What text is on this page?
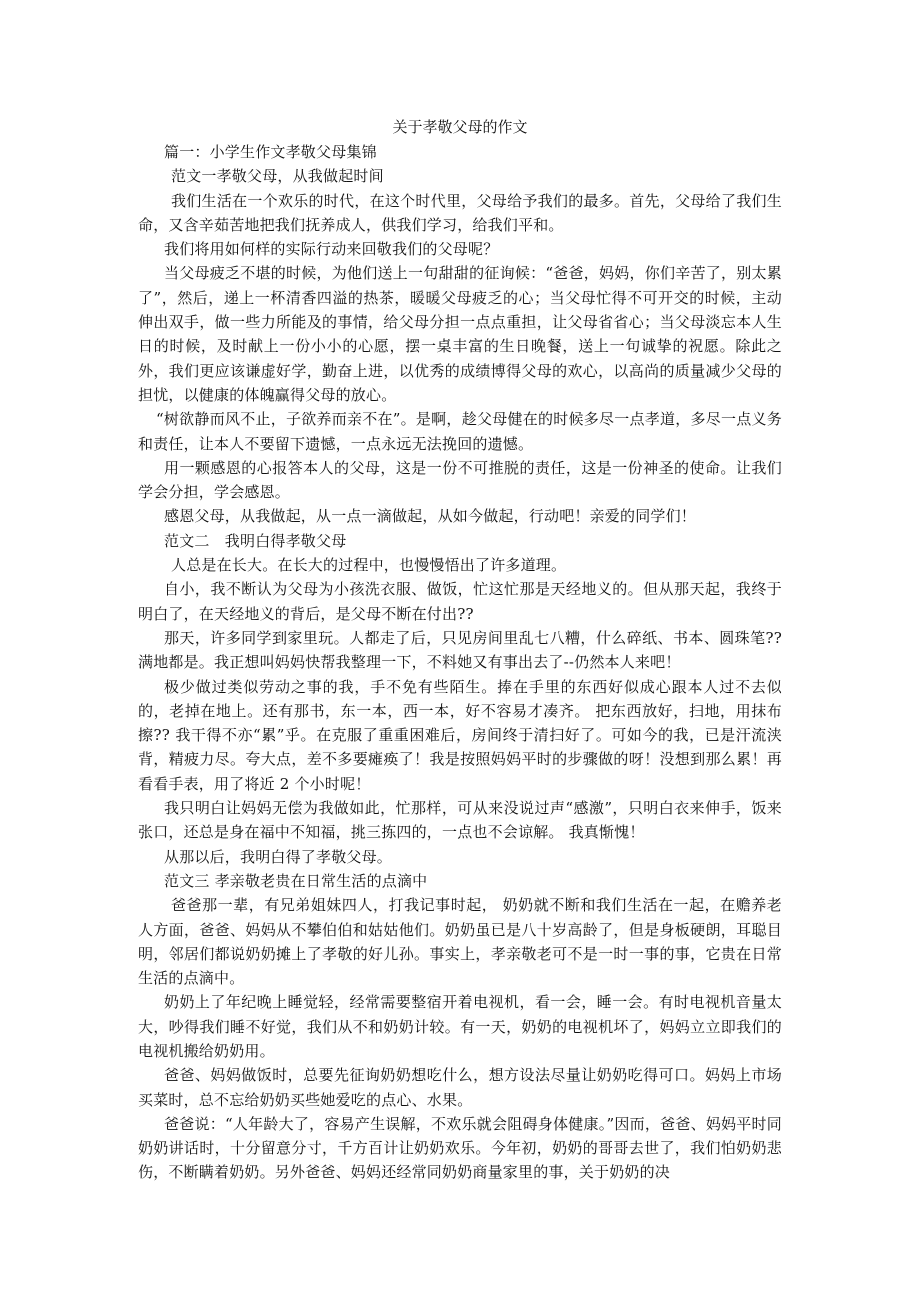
关于孝敬父母的作文

篇一：小学生作文孝敬父母集锦

范文一孝敬父母，从我做起时间

我们生活在一个欢乐的时代，在这个时代里，父母给予我们的最多。首先，父母给了我们生命，又含辛茹苦地把我们抚养成人，供我们学习，给我们平和。

我们将用如何样的实际行动来回敬我们的父母呢？

当父母疲乏不堪的时候，为他们送上一句甜甜的征询候：“爸爸，妈妈，你们辛苦了，别太累了”，然后，递上一杯清香四溢的热茶，暖暖父母疲乏的心；当父母忙得不可开交的时候，主动伸出双手，做一些力所能及的事情，给父母分担一点点重担，让父母省省心；当父母淡忘本人生日的时候，及时献上一份小小的心愿，摆一桌丰富的生日晚餐，送上一句诚挚的祝愿。除此之外，我们更应该谦虚好学，勤奋上进，以优秀的成绩博得父母的欢心，以高尚的质量减少父母的担忧，以健康的体魄赢得父母的放心。

“树欲静而风不止，子欲养而亲不在”。是啊，趁父母健在的时候多尽一点孝道，多尽一点义务和责任，让本人不要留下遗憾，一点永远无法挽回的遗憾。

用一颗感恩的心报答本人的父母，这是一份不可推脱的责任，这是一份神圣的使命。让我们学会分担，学会感恩。

感恩父母，从我做起，从一点一滴做起，从如今做起，行动吧！亲爱的同学们！

范文二　我明白得孝敬父母

人总是在长大。在长大的过程中，也慢慢悟出了许多道理。

自小，我不断认为父母为小孩洗衣服、做饭，忙这忙那是天经地义的。但从那天起，我终于明白了，在天经地义的背后，是父母不断在付出??

那天，许多同学到家里玩。人都走了后，只见房间里乱七八糟，什么碎纸、书本、圆珠笔??满地都是。我正想叫妈妈快帮我整理一下，不料她又有事出去了--仍然本人来吧！

极少做过类似劳动之事的我，手不免有些陌生。捧在手里的东西好似成心跟本人过不去似的，老掉在地上。还有那书，东一本，西一本，好不容易才凑齐。 把东西放好，扫地，用抹布擦?? 我干得不亦“累”乎。在克服了重重困难后，房间终于清扫好了。可如今的我，已是汗流浃背，精疲力尽。夸大点，差不多要瘫痪了！我是按照妈妈平时的步骤做的呀！没想到那么累！再看看手表，用了将近 2 个小时呢！

我只明白让妈妈无偿为我做如此，忙那样，可从来没说过声“感激”，只明白衣来伸手，饭来张口，还总是身在福中不知福，挑三拣四的，一点也不会谅解。 我真惭愧！

从那以后，我明白得了孝敬父母。

范文三 孝亲敬老贵在日常生活的点滴中

爸爸那一辈，有兄弟姐妹四人，打我记事时起， 奶奶就不断和我们生活在一起，在赡养老人方面，爸爸、妈妈从不攀伯伯和姑姑他们。奶奶虽已是八十岁高龄了，但是身板硬朗，耳聪目明，邻居们都说奶奶摊上了孝敬的好儿孙。事实上，孝亲敬老可不是一时一事的事，它贵在日常生活的点滴中。

奶奶上了年纪晚上睡觉轻，经常需要整宿开着电视机，看一会，睡一会。有时电视机音量太大，吵得我们睡不好觉，我们从不和奶奶计较。有一天，奶奶的电视机坏了，妈妈立立即我们的电视机搬给奶奶用。

爸爸、妈妈做饭时，总要先征询奶奶想吃什么，想方设法尽量让奶奶吃得可口。妈妈上市场买菜时，总不忘给奶奶买些她爱吃的点心、水果。

爸爸说：“人年龄大了，容易产生误解，不欢乐就会阻碍身体健康。”因而，爸爸、妈妈平时同奶奶讲话时，十分留意分寸，千方百计让奶奶欢乐。今年初，奶奶的哥哥去世了，我们怕奶奶悲伤，不断瞒着奶奶。另外爸爸、妈妈还经常同奶奶商量家里的事，关于奶奶的决
